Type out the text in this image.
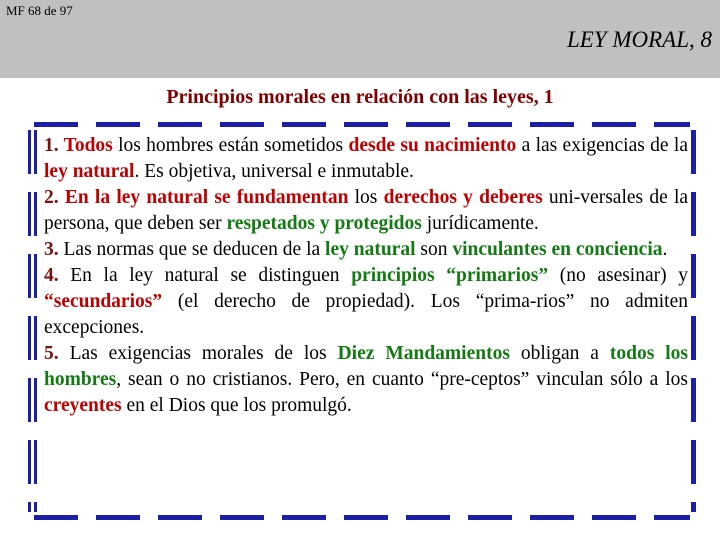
MF 68 de 97
LEY MORAL, 8
Principios morales en relación con las leyes, 1
1. Todos los hombres están sometidos desde su nacimiento a las exigencias de la ley natural. Es objetiva, universal e inmutable.
2. En la ley natural se fundamentan los derechos y deberes uni-versales de la persona, que deben ser respetados y protegidos jurídicamente.
3. Las normas que se deducen de la ley natural son vinculantes en conciencia.
4. En la ley natural se distinguen principios “primarios” (no asesinar) y “secundarios” (el derecho de propiedad). Los “prima-rios” no admiten excepciones.
5. Las exigencias morales de los Diez Mandamientos obligan a todos los hombres, sean o no cristianos. Pero, en cuanto “pre-ceptos” vinculan sólo a los creyentes en el Dios que los promulgó.
